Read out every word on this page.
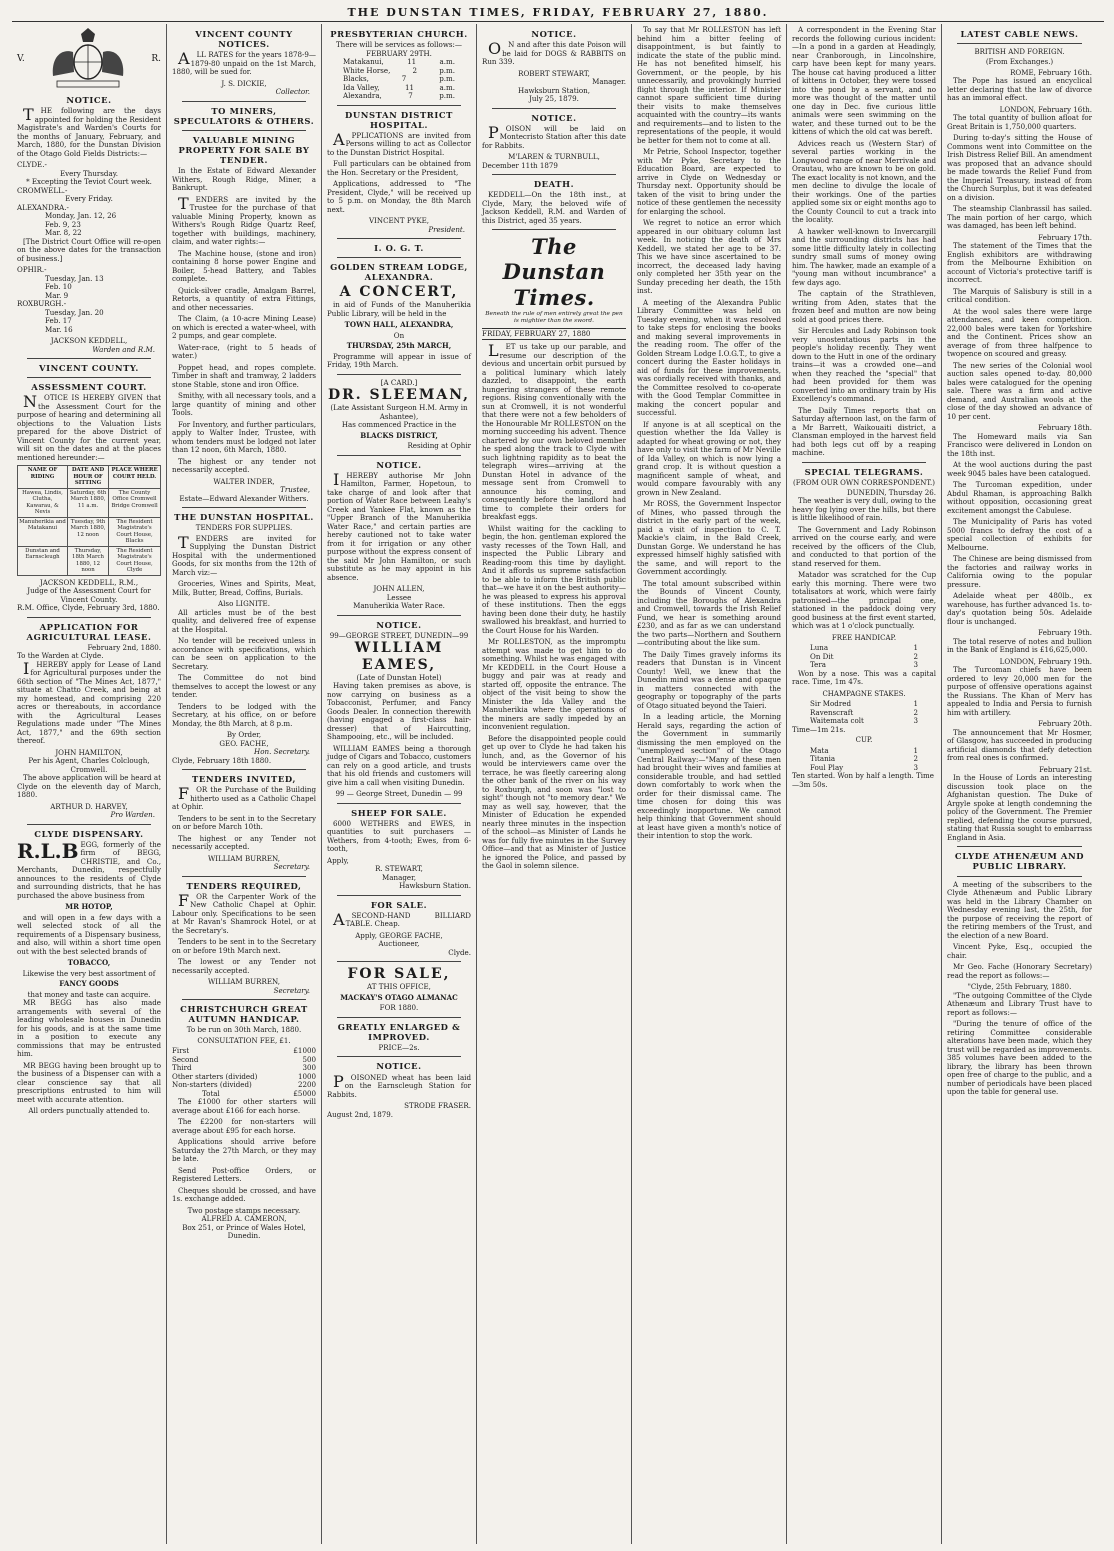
THE DUNSTAN TIMES, FRIDAY, FEBRUARY 27, 1880.
V.	R.
NOTICE.

THE following are the days appointed for holding the Resident Magistrate's and Warden's Courts for the months of January, February, and March, 1880, for the Dunstan Division of the Otago Gold Fields Districts:—

CLYDE.-
Every Thursday.
* Excepting the Teviot Court week.
CROMWELL.-
Every Friday.
ALEXANDRA.-
Monday, Jan. 12, 26
Feb. 9, 23
Mar. 8, 22

[The District Court Office will re-open on the above dates for the transaction of business.]

OPHIR.-
Tuesday, Jan. 13
Feb. 10
Mar. 9
ROXBURGH.-
Tuesday, Jan. 20
Feb. 17
Mar. 16
JACKSON KEDDELL,
Warden and R.M.
VINCENT COUNTY.
ASSESSMENT COURT.

NOTICE IS HEREBY GIVEN that the Assessment Court for the purpose of hearing and determining all objections to the Valuation Lists prepared for the above District of Vincent County for the current year, will sit on the dates and at the places mentioned hereunder:—

NAME OF RIDING	DATE AND HOUR OF SITTING	PLACE WHERE COURT HELD.
Hawea, Lindis, Clutha, Kawarau, & Nevis	Saturday, 6th March 1880, 11 a.m.	The County Office Cromwell Bridge Cromwell
Manuherikia and Matakanui	Tuesday, 9th March 1880, 12 noon	The Resident Magistrate's Court House, Blacks
Dunstan and Earnscleugh	Thursday, 18th March 1880, 12 noon	The Resident Magistrate's Court House, Clyde
JACKSON KEDDELL, R.M.,
Judge of the Assessment Court for Vincent County.
R.M. Office, Clyde, February 3rd, 1880.
APPLICATION FOR AGRICULTURAL LEASE.
February 2nd, 1880.
To the Warden at Clyde.

IHEREBY apply for Lease of Land for Agricultural purposes under the 66th section of "The Mines Act, 1877," situate at Chatto Creek, and being at my homestead, and comprising 220 acres or thereabouts, in accordance with the Agricultural Leases Regulations made under "The Mines Act, 1877," and the 69th section thereof.

JOHN HAMILTON,
Per his Agent, Charles Colclough, Cromwell.

The above application will be heard at Clyde on the eleventh day of March, 1880.

ARTHUR D. HARVEY,
Pro Warden.
CLYDE DISPENSARY.

R.L.B EGG, formerly of the firm of BEGG, CHRISTIE, and Co., Merchants, Dunedin, respectfully announces to the residents of Clyde and surrounding districts, that he has purchased the above business from

MR HOTOP,

and will open in a few days with a well selected stock of all the requirements of a Dispensary business, and also, will within a short time open out with the best selected brands of

TOBACCO,
Likewise the very best assortment of
FANCY GOODS
that money and taste can acquire.

MR BEGG has also made arrangements with several of the leading wholesale houses in Dunedin for his goods, and is at the same time in a position to execute any commissions that may be entrusted him.

MR BEGG having been brought up to the business of a Dispenser can with a clear conscience say that all prescriptions entrusted to him will meet with accurate attention.

All orders punctually attended to.
VINCENT COUNTY NOTICES.

ALL RATES for the years 1878-9—1879-80 unpaid on the 1st March, 1880, will be sued for.

J. S. DICKIE,
Collector.
TO MINERS, SPECULATORS & OTHERS.
VALUABLE MINING PROPERTY FOR SALE BY TENDER.

In the Estate of Edward Alexander Withers, Rough Ridge, Miner, a Bankrupt.

TENDERS are invited by the Trustee for the purchase of that valuable Mining Property, known as Withers's Rough Ridge Quartz Reef, together with buildings, machinery, claim, and water rights:—

The Machine house, (stone and iron) containing 8 horse power Engine and Boiler, 5-head Battery, and Tables complete.

Quick-silver cradle, Amalgam Barrel, Retorts, a quantity of extra Fittings, and other necessaries.

The Claim, (a 10-acre Mining Lease) on which is erected a water-wheel, with 2 pumps, and gear complete.

Water-race, (right to 5 heads of water.)

Poppet head, and ropes complete. Timber in shaft and tramway, 2 ladders stone Stable, stone and iron Office.

Smithy, with all necessary tools, and a large quantity of mining and other Tools.

For Inventory, and further particulars, apply to Walter Inder, Trustee, with whom tenders must be lodged not later than 12 noon, 6th March, 1880.

The highest or any tender not necessarily accepted.

WALTER INDER,
Trustee,
Estate—Edward Alexander Withers.
THE DUNSTAN HOSPITAL.
TENDERS FOR SUPPLIES.

TENDERS are invited for Supplying the Dunstan District Hospital with the undermentioned Goods, for six months from the 12th of March viz:—

Groceries, Wines and Spirits, Meat, Milk, Butter, Bread, Coffins, Burials.

Also LIGNITE.

All articles must be of the best quality, and delivered free of expense at the Hospital.

No tender will be received unless in accordance with specifications, which can be seen on application to the Secretary.

The Committee do not bind themselves to accept the lowest or any tender.

Tenders to be lodged with the Secretary, at his office, on or before Monday, the 8th March, at 8 p.m.

By Order,
GEO. FACHE,
Hon. Secretary.
Clyde, February 18th 1880.
TENDERS INVITED,

FOR the Purchase of the Building hitherto used as a Catholic Chapel at Ophir.

Tenders to be sent in to the Secretary on or before March 10th.

The highest or any Tender not necessarily accepted.

WILLIAM BURREN,
Secretary.
TENDERS REQUIRED,

FOR the Carpenter Work of the New Catholic Chapel at Ophir. Labour only. Specifications to be seen at Mr Ravan's Shamrock Hotel, or at the Secretary's.

Tenders to be sent in to the Secretary on or before 19th March next.

The lowest or any Tender not necessarily accepted.

WILLIAM BURREN,
Secretary.
CHRISTCHURCH GREAT AUTUMN HANDICAP.
To be run on 30th March, 1880.
CONSULTATION FEE, £1.
First	£1000
Second	500
Third	300
Other starters (divided)	1000
Non-starters (divided)	2200
Total	£5000

The £1000 for other starters will average about £166 for each horse.

The £2200 for non-starters will average about £95 for each horse.

Applications should arrive before Saturday the 27th March, or they may be late.

Send Post-office Orders, or Registered Letters.

Cheques should be crossed, and have 1s. exchange added.

Two postage stamps necessary.
ALFRED A. CAMERON,
Box 251, or Prince of Wales Hotel, Dunedin.
PRESBYTERIAN CHURCH.
There will be services as follows:—
FEBRUARY 29TH.
Matakanui,	11	a.m.
White Horse,	2	p.m.
Blacks,	7	p.m.
Ida Valley,	11	a.m.
Alexandra,	7	p.m.
DUNSTAN DISTRICT HOSPITAL.

APPLICATIONS are invited from Persons willing to act as Collector to the Dunstan District Hospital.

Full particulars can be obtained from the Hon. Secretary or the President,

Applications, addressed to "The President, Clyde," will be received up to 5 p.m. on Monday, the 8th March next.

VINCENT PYKE,
President.
I. O. G. T.
GOLDEN STREAM LODGE, ALEXANDRA.
A CONCERT,

in aid of Funds of the Manuherikia Public Library, will be held in the

TOWN HALL, ALEXANDRA,
On
THURSDAY, 25th MARCH,

Programme will appear in issue of Friday, 19th March.

[A CARD.]
DR. SLEEMAN,
(Late Assistant Surgeon H.M. Army in Ashantee),
Has commenced Practice in the
BLACKS DISTRICT,
Residing at Ophir
NOTICE.

IHEREBY authorise Mr John Hamilton, Farmer, Hopetoun, to take charge of and look after that portion of Water Race between Leahy's Creek and Yankee Flat, known as the "Upper Branch of the Manuherikia Water Race," and certain parties are hereby cautioned not to take water from it for irrigation or any other purpose without the express consent of the said Mr John Hamilton, or such substitute as he may appoint in his absence.

JOHN ALLEN,
Lessee
Manuherikia Water Race.
NOTICE.
99—GEORGE STREET, DUNEDIN—99
WILLIAM EAMES,
(Late of Dunstan Hotel)

Having taken premises as above, is now carrying on business as a Tobacconist, Perfumer, and Fancy Goods Dealer. In connection therewith (having engaged a first-class hair-dresser) that of Haircutting, Shampooing, etc., will be included.

WILLIAM EAMES being a thorough judge of Cigars and Tobacco, customers can rely on a good article, and trusts that his old friends and customers will give him a call when visiting Dunedin.

99 — George Street, Dunedin — 99
SHEEP FOR SALE.

6000 WETHERS and EWES, in quantities to suit purchasers — Wethers, from 4-tooth; Ewes, from 6-tooth,

Apply,
R. STEWART,
Manager,
Hawksburn Station.
FOR SALE.

ASECOND-HAND BILLIARD TABLE. Cheap.

Apply, GEORGE FACHE,
Auctioneer,
Clyde.
FOR SALE,
AT THIS OFFICE,
MACKAY'S OTAGO ALMANAC
FOR 1880.
GREATLY ENLARGED & IMPROVED.
PRICE—2s.
NOTICE.

POISONED wheat has been laid on the Earnscleugh Station for Rabbits.

STRODE FRASER.
August 2nd, 1879.
NOTICE.

ON and after this date Poison will be laid for DOGS & RABBITS on Run 339.

ROBERT STEWART,
Manager.
Hawksburn Station,
July 25, 1879.
NOTICE.

POISON will be laid on Montecristo Station after this date for Rabbits.

M'LAREN & TURNBULL,
December 11th 1879
DEATH.

KEDDELL—On the 18th inst., at Clyde, Mary, the beloved wife of Jackson Keddell, R.M. and Warden of this District, aged 35 years.

The Dunstan Times.
Beneath the rule of men entirely great the pen is mightier than the sword.
FRIDAY, FEBRUARY 27, 1880

LET us take up our parable, and resume our description of the devious and uncertain orbit pursued by a political luminary which lately dazzled, to disappoint, the earth hungering strangers of these remote regions. Rising conventionally with the sun at Cromwell, it is not wonderful that there were not a few beholders of the Honourable Mr ROLLESTON on the morning succeeding his advent. Thence chartered by our own beloved member he sped along the track to Clyde with such lightning rapidity as to beat the telegraph wires—arriving at the Dunstan Hotel in advance of the message sent from Cromwell to announce his coming, and consequently before the landlord had time to complete their orders for breakfast eggs.

Whilst waiting for the cackling to begin, the hon. gentleman explored the vasty recesses of the Town Hall, and inspected the Public Library and Reading-room this time by daylight. And it affords us supreme satisfaction to be able to inform the British public that—we have it on the best authority—he was pleased to express his approval of these institutions. Then the eggs having been done their duty, he hastily swallowed his breakfast, and hurried to the Court House for his Warden.

Mr ROLLESTON, as the impromptu attempt was made to get him to do something. Whilst he was engaged with Mr KEDDELL in the Court House a buggy and pair was at ready and started off, opposite the entrance. The object of the visit being to show the Minister the Ida Valley and the Manuherikia where the operations of the miners are sadly impeded by an inconvenient regulation.

Before the disappointed people could get up over to Clyde he had taken his lunch, and, as the Governor of his would be interviewers came over the terrace, he was fleetly careering along the other bank of the river on his way to Roxburgh, and soon was "lost to sight" though not "to memory dear." We may as well say, however, that the Minister of Education he expended nearly three minutes in the inspection of the school—as Minister of Lands he was for fully five minutes in the Survey Office—and that as Minister of Justice he ignored the Police, and passed by the Gaol in solemn silence.

To say that Mr ROLLESTON has left behind him a bitter feeling of disappointment, is but faintly to indicate the state of the public mind. He has not benefited himself, his Government, or the people, by his unnecessarily, and provokingly hurried flight through the interior. If Minister cannot spare sufficient time during their visits to make themselves acquainted with the country—its wants and requirements—and to listen to the representations of the people, it would be better for them not to come at all.

Mr Petrie, School Inspector, together with Mr Pyke, Secretary to the Education Board, are expected to arrive in Clyde on Wednesday or Thursday next. Opportunity should be taken of the visit to bring under the notice of these gentlemen the necessity for enlarging the school.

We regret to notice an error which appeared in our obituary column last week. In noticing the death of Mrs Keddell, we stated her age to be 37. This we have since ascertained to be incorrect, the deceased lady having only completed her 35th year on the Sunday preceding her death, the 15th inst.

A meeting of the Alexandra Public Library Committee was held on Tuesday evening, when it was resolved to take steps for enclosing the books and making several improvements in the reading room. The offer of the Golden Stream Lodge I.O.G.T., to give a concert during the Easter holidays in aid of funds for these improvements, was cordially received with thanks, and the Committee resolved to co-operate with the Good Templar Committee in making the concert popular and successful.

If anyone is at all sceptical on the question whether the Ida Valley is adapted for wheat growing or not, they have only to visit the farm of Mr Neville of Ida Valley, on which is now lying a grand crop. It is without question a magnificent sample of wheat, and would compare favourably with any grown in New Zealand.

Mr ROSS, the Government Inspector of Mines, who passed through the district in the early part of the week, paid a visit of inspection to C. T. Mackie's claim, in the Bald Creek, Dunstan Gorge. We understand he has expressed himself highly satisfied with the same, and will report to the Government accordingly.

The total amount subscribed within the Bounds of Vincent County, including the Boroughs of Alexandra and Cromwell, towards the Irish Relief Fund, we hear is something around £230, and as far as we can understand the two parts—Northern and Southern—contributing about the like sum.

The Daily Times gravely informs its readers that Dunstan is in Vincent County! Well, we knew that the Dunedin mind was a dense and opaque in matters connected with the geography or topography of the parts of Otago situated beyond the Taieri.

In a leading article, the Morning Herald says, regarding the action of the Government in summarily dismissing the men employed on the "unemployed section" of the Otago Central Railway:—"Many of these men had brought their wives and families at considerable trouble, and had settled down comfortably to work when the order for their dismissal came. The time chosen for doing this was exceedingly inopportune. We cannot help thinking that Government should at least have given a month's notice of their intention to stop the work.

A correspondent in the Evening Star records the following curious incident:—In a pond in a garden at Headingly, near Cranborough, in Lincolnshire, carp have been kept for many years. The house cat having produced a litter of kittens in October, they were tossed into the pond by a servant, and no more was thought of the matter until one day in Dec. five curious little animals were seen swimming on the water, and these turned out to be the kittens of which the old cat was bereft.

Advices reach us (Western Star) of several parties working in the Longwood range of near Merrivale and Orautau, who are known to be on gold. The exact locality is not known, and the men decline to divulge the locale of their workings. One of the parties applied some six or eight months ago to the County Council to cut a track into the locality.

A hawker well-known to Invercargill and the surrounding districts has had some little difficulty lately in collecting sundry small sums of money owing him. The hawker, made an example of a "young man without incumbrance" a few days ago.

The captain of the Strathleven, writing from Aden, states that the frozen beef and mutton are now being sold at good prices there.

Sir Hercules and Lady Robinson took very unostentatious parts in the people's holiday recently. They went down to the Hutt in one of the ordinary trains—it was a crowded one—and when they reached the "special" that had been provided for them was converted into an ordinary train by His Excellency's command.

The Daily Times reports that on Saturday afternoon last, on the farm of a Mr Barrett, Waikouaiti district, a Clansman employed in the harvest field had both legs cut off by a reaping machine.

SPECIAL TELEGRAMS.
(FROM OUR OWN CORRESPONDENT.)
DUNEDIN, Thursday 26.

The weather is very dull, owing to the heavy fog lying over the hills, but there is little likelihood of rain.

The Government and Lady Robinson arrived on the course early, and were received by the officers of the Club, and conducted to that portion of the stand reserved for them.

Matador was scratched for the Cup early this morning. There were two totalisators at work, which were fairly patronised—the principal one, stationed in the paddock doing very good business at the first event started, which was at 1 o'clock punctually.

FREE HANDICAP.
Luna	1
On Dit	2
Tera	3

Won by a nose. This was a capital race. Time, 1m 47s.

CHAMPAGNE STAKES.
Sir Modred	1
Ravenscraft	2
Waitemata colt	3
Time—1m 21s.
CUP.
Mata	1
Titania	2
Foul Play	3
Ten started. Won by half a length. Time—3m 50s.
LATEST CABLE NEWS.
BRITISH AND FOREIGN.
(From Exchanges.)
ROME, February 16th.

The Pope has issued an encyclical letter declaring that the law of divorce has an immoral effect.

LONDON, February 16th.

The total quantity of bullion afloat for Great Britain is 1,750,000 quarters.

During to-day's sitting the House of Commons went into Committee on the Irish Distress Relief Bill. An amendment was proposed that an advance should be made towards the Relief Fund from the Imperial Treasury, instead of from the Church Surplus, but it was defeated on a division.

The steamship Clanbrassil has sailed. The main portion of her cargo, which was damaged, has been left behind.

February 17th.

The statement of the Times that the English exhibitors are withdrawing from the Melbourne Exhibition on account of Victoria's protective tariff is incorrect.

The Marquis of Salisbury is still in a critical condition.

At the wool sales there were large attendances, and keen competition. 22,000 bales were taken for Yorkshire and the Continent. Prices show an average of from three halfpence to twopence on scoured and greasy.

The new series of the Colonial wool auction sales opened to-day. 80,000 bales were catalogued for the opening sale. There was a firm and active demand, and Australian wools at the close of the day showed an advance of 10 per cent.

February 18th.

The Homeward mails via San Francisco were delivered in London on the 18th inst.

At the wool auctions during the past week 9045 bales have been catalogued.

The Turcoman expedition, under Abdul Rhaman, is approaching Balkh without opposition, occasioning great excitement amongst the Cabulese.

The Municipality of Paris has voted 5000 francs to defray the cost of a special collection of exhibits for Melbourne.

The Chinese are being dismissed from the factories and railway works in California owing to the popular pressure.

Adelaide wheat per 480lb., ex warehouse, has further advanced 1s. to-day's quotation being 50s. Adelaide flour is unchanged.

February 19th.

The total reserve of notes and bullion in the Bank of England is £16,625,000.

LONDON, February 19th.

The Turcoman chiefs have been ordered to levy 20,000 men for the purpose of offensive operations against the Russians. The Khan of Merv has appealed to India and Persia to furnish him with artillery.

February 20th.

The announcement that Mr Hosmer, of Glasgow, has succeeded in producing artificial diamonds that defy detection from real ones is confirmed.

February 21st.

In the House of Lords an interesting discussion took place on the Afghanistan question. The Duke of Argyle spoke at length condemning the policy of the Government. The Premier replied, defending the course pursued, stating that Russia sought to embarrass England in Asia.

CLYDE ATHENÆUM AND PUBLIC LIBRARY.

A meeting of the subscribers to the Clyde Athenæum and Public Library was held in the Library Chamber on Wednesday evening last, the 25th, for the purpose of receiving the report of the retiring members of the Trust, and the election of a new Board.

Vincent Pyke, Esq., occupied the chair.

Mr Geo. Fache (Honorary Secretary) read the report as follows:—

"Clyde, 25th February, 1880.

"The outgoing Committee of the Clyde Athenæum and Library Trust have to report as follows:—

"During the tenure of office of the retiring Committee considerable alterations have been made, which they trust will be regarded as improvements. 385 volumes have been added to the library, the library has been thrown open free of charge to the public, and a number of periodicals have been placed upon the table for general use.
